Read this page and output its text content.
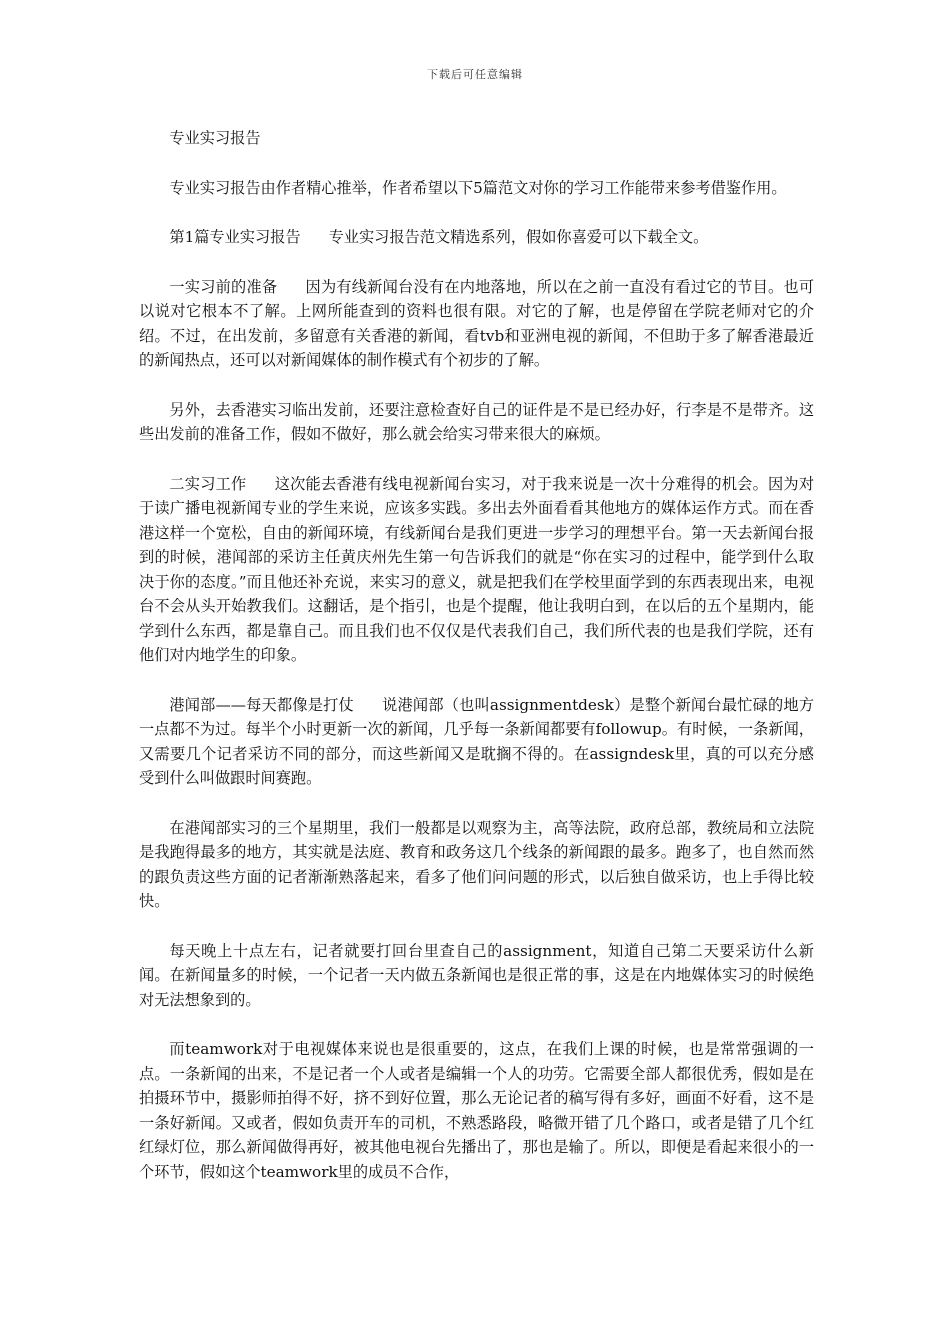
下载后可任意编辑

专业实习报告

专业实习报告由作者精心推举，作者希望以下5篇范文对你的学习工作能带来参考借鉴作用。

第1篇专业实习报告 专业实习报告范文精选系列，假如你喜爱可以下载全文。

一实习前的准备 因为有线新闻台没有在内地落地，所以在之前一直没有看过它的节目。也可以说对它根本不了解。上网所能查到的资料也很有限。对它的了解，也是停留在学院老师对它的介绍。不过，在出发前，多留意有关香港的新闻，看tvb和亚洲电视的新闻，不但助于多了解香港最近的新闻热点，还可以对新闻媒体的制作模式有个初步的了解。

另外，去香港实习临出发前，还要注意检查好自己的证件是不是已经办好，行李是不是带齐。这些出发前的准备工作，假如不做好，那么就会给实习带来很大的麻烦。

二实习工作 这次能去香港有线电视新闻台实习，对于我来说是一次十分难得的机会。因为对于读广播电视新闻专业的学生来说，应该多实践。多出去外面看看其他地方的媒体运作方式。而在香港这样一个宽松，自由的新闻环境，有线新闻台是我们更进一步学习的理想平台。第一天去新闻台报到的时候，港闻部的采访主任黄庆州先生第一句告诉我们的就是“你在实习的过程中，能学到什么取决于你的态度。”而且他还补充说，来实习的意义，就是把我们在学校里面学到的东西表现出来，电视台不会从头开始教我们。这翻话，是个指引，也是个提醒，他让我明白到，在以后的五个星期内，能学到什么东西，都是靠自己。而且我们也不仅仅是代表我们自己，我们所代表的也是我们学院，还有他们对内地学生的印象。

港闻部——每天都像是打仗 说港闻部（也叫assignmentdesk）是整个新闻台最忙碌的地方一点都不为过。每半个小时更新一次的新闻，几乎每一条新闻都要有followup。有时候，一条新闻，又需要几个记者采访不同的部分，而这些新闻又是耽搁不得的。在assigndesk里，真的可以充分感受到什么叫做跟时间赛跑。

在港闻部实习的三个星期里，我们一般都是以观察为主，高等法院，政府总部，教统局和立法院是我跑得最多的地方，其实就是法庭、教育和政务这几个线条的新闻跟的最多。跑多了，也自然而然的跟负责这些方面的记者渐渐熟落起来，看多了他们问问题的形式，以后独自做采访，也上手得比较快。

每天晚上十点左右，记者就要打回台里查自己的assignment，知道自己第二天要采访什么新闻。在新闻量多的时候，一个记者一天内做五条新闻也是很正常的事，这是在内地媒体实习的时候绝对无法想象到的。

而teamwork对于电视媒体来说也是很重要的，这点，在我们上课的时候，也是常常强调的一点。一条新闻的出来，不是记者一个人或者是编辑一个人的功劳。它需要全部人都很优秀，假如是在拍摄环节中，摄影师拍得不好，挤不到好位置，那么无论记者的稿写得有多好，画面不好看，这不是一条好新闻。又或者，假如负责开车的司机，不熟悉路段，略微开错了几个路口，或者是错了几个红红绿灯位，那么新闻做得再好，被其他电视台先播出了，那也是输了。所以，即便是看起来很小的一个环节，假如这个teamwork里的成员不合作，
